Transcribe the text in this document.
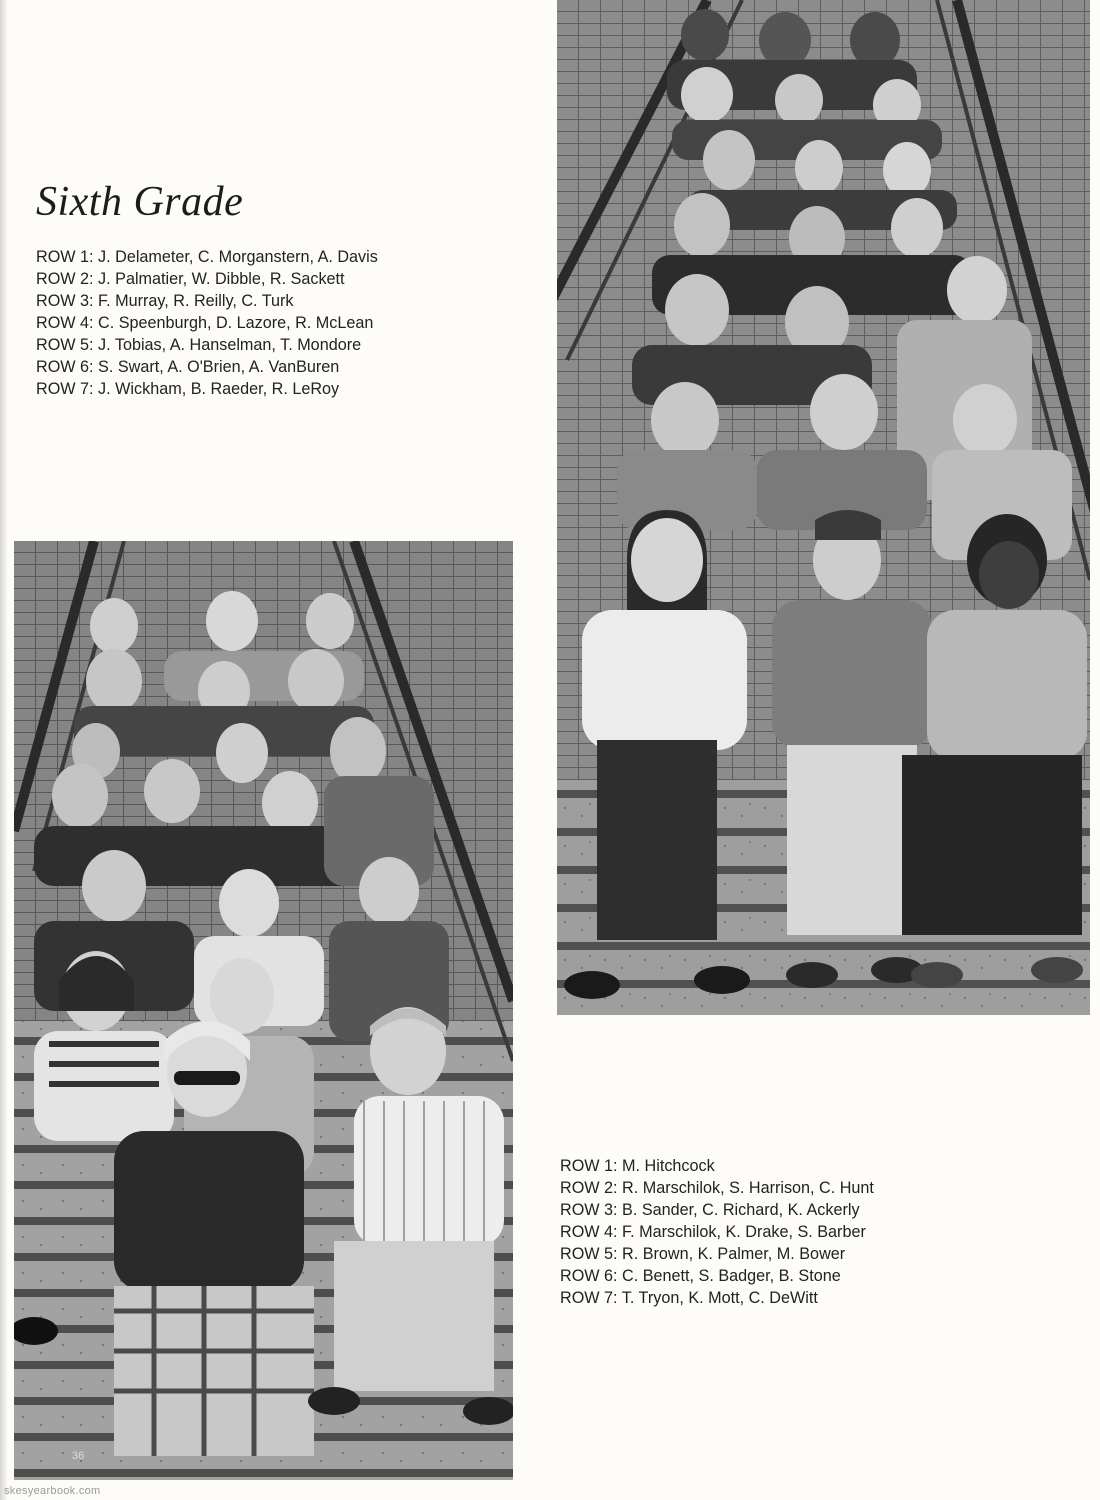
Sixth Grade
ROW 1: J. Delameter, C. Morganstern, A. Davis
ROW 2: J. Palmatier, W. Dibble, R. Sackett
ROW 3: F. Murray, R. Reilly, C. Turk
ROW 4: C. Speenburgh, D. Lazore, R. McLean
ROW 5: J. Tobias, A. Hanselman, T. Mondore
ROW 6: S. Swart, A. O'Brien, A. VanBuren
ROW 7: J. Wickham, B. Raeder, R. LeRoy
ROW 1: M. Hitchcock
ROW 2: R. Marschilok, S. Harrison, C. Hunt
ROW 3: B. Sander, C. Richard, K. Ackerly
ROW 4: F. Marschilok, K. Drake, S. Barber
ROW 5: R. Brown, K. Palmer, M. Bower
ROW 6: C. Benett, S. Badger, B. Stone
ROW 7: T. Tryon, K. Mott, C. DeWitt
36
skesyearbook.com
